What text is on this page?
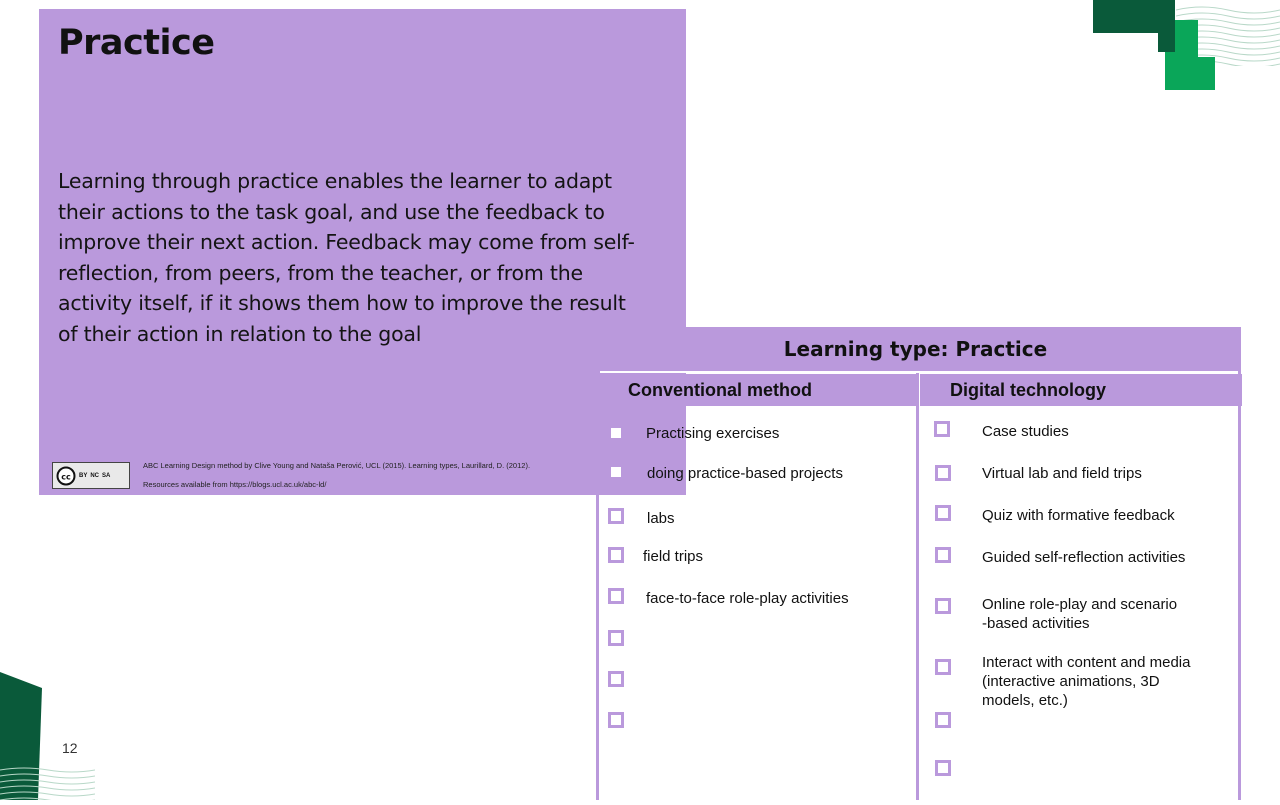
Practice
Learning through practice enables the learner to adapt
their actions to the task goal, and use the feedback to
improve their next action. Feedback may come from self-
reflection, from peers, from the teacher, or from the
activity itself, if it shows them how to improve the result
of their action in relation to the goal
cc BY NC SA
ABC Learning Design method by Clive Young and Nataša Perović, UCL (2015). Learning types, Laurillard, D. (2012).
Resources available from https://blogs.ucl.ac.uk/abc-ld/
Learning type: Practice
Conventional method	Digital technology
Practising exercises
doing practice-based projects
labs
field trips
face-to-face role-play activities
Case studies
Virtual lab and field trips
Quiz with formative feedback
Guided self-reflection activities
Online role-play and scenario
-based activities
Interact with content and media
(interactive animations, 3D
models, etc.)
12
